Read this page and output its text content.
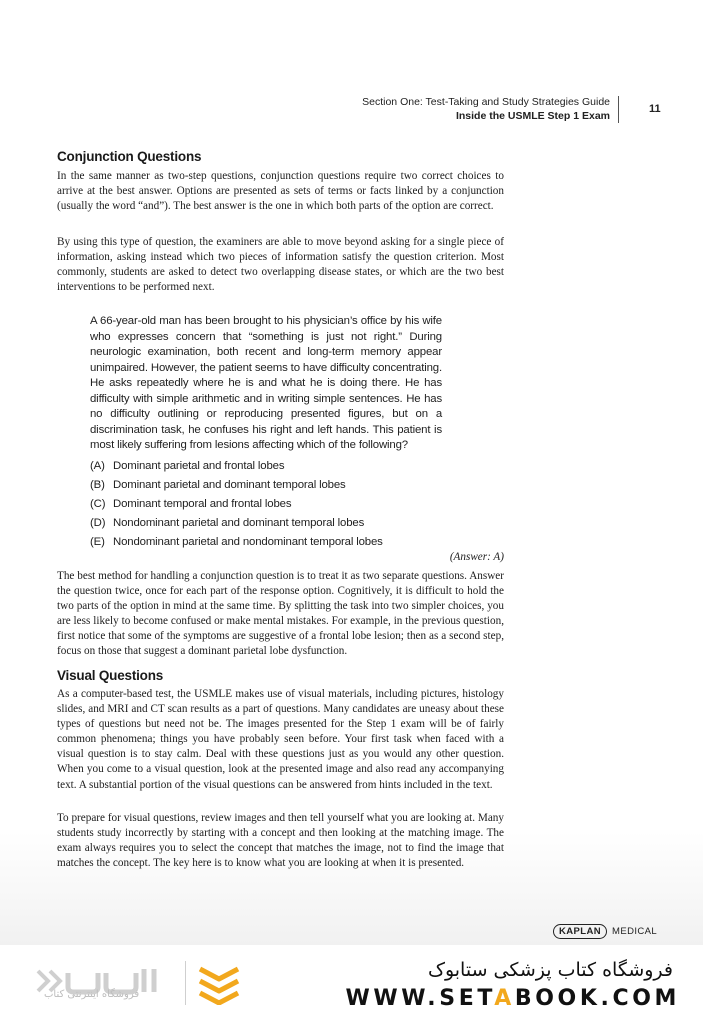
Section One: Test-Taking and Study Strategies Guide
Inside the USMLE Step 1 Exam
11
Conjunction Questions

In the same manner as two-step questions, conjunction questions require two correct choices to arrive at the best answer. Options are presented as sets of terms or facts linked by a conjunction (usually the word “and”). The best answer is the one in which both parts of the option are correct.

By using this type of question, the examiners are able to move beyond asking for a single piece of information, asking instead which two pieces of information satisfy the question criterion. Most commonly, students are asked to detect two overlapping disease states, or which are the two best interventions to be performed next.

A 66-year-old man has been brought to his physician’s office by his wife who expresses concern that “something is just not right.” During neurologic examination, both recent and long-term memory appear unimpaired. However, the patient seems to have difficulty concentrating. He asks repeatedly where he is and what he is doing there. He has difficulty with simple arithmetic and in writing simple sentences. He has no difficulty outlining or reproducing presented figures, but on a discrimination task, he confuses his right and left hands. This patient is most likely suffering from lesions affecting which of the following?

(A) Dominant parietal and frontal lobes
(B) Dominant parietal and dominant temporal lobes
(C) Dominant temporal and frontal lobes
(D) Nondominant parietal and dominant temporal lobes
(E) Nondominant parietal and nondominant temporal lobes
(Answer: A)

The best method for handling a conjunction question is to treat it as two separate questions. Answer the question twice, once for each part of the response option. Cognitively, it is difficult to hold the two parts of the option in mind at the same time. By splitting the task into two simpler choices, you are less likely to become confused or make mental mistakes. For example, in the previous question, first notice that some of the symptoms are suggestive of a frontal lobe lesion; then as a second step, focus on those that suggest a dominant parietal lobe dysfunction.

Visual Questions

As a computer-based test, the USMLE makes use of visual materials, including pictures, histology slides, and MRI and CT scan results as a part of questions. Many candidates are uneasy about these types of questions but need not be. The images presented for the Step 1 exam will be of fairly common phenomena; things you have probably seen before. Your first task when faced with a visual question is to stay calm. Deal with these questions just as you would any other question. When you come to a visual question, look at the presented image and also read any accompanying text. A substantial portion of the visual questions can be answered from hints included in the text.

To prepare for visual questions, review images and then tell yourself what you are looking at. Many students study incorrectly by starting with a concept and then looking at the matching image. The exam always requires you to select the concept that matches the image, not to find the image that matches the concept. The key here is to know what you are looking at when it is presented.

KAPLAN MEDICAL
فروشگاه اینترنتی کتاب
فروشگاه کتاب پزشکی ستابوک
WWW.SETABOOK.COM
